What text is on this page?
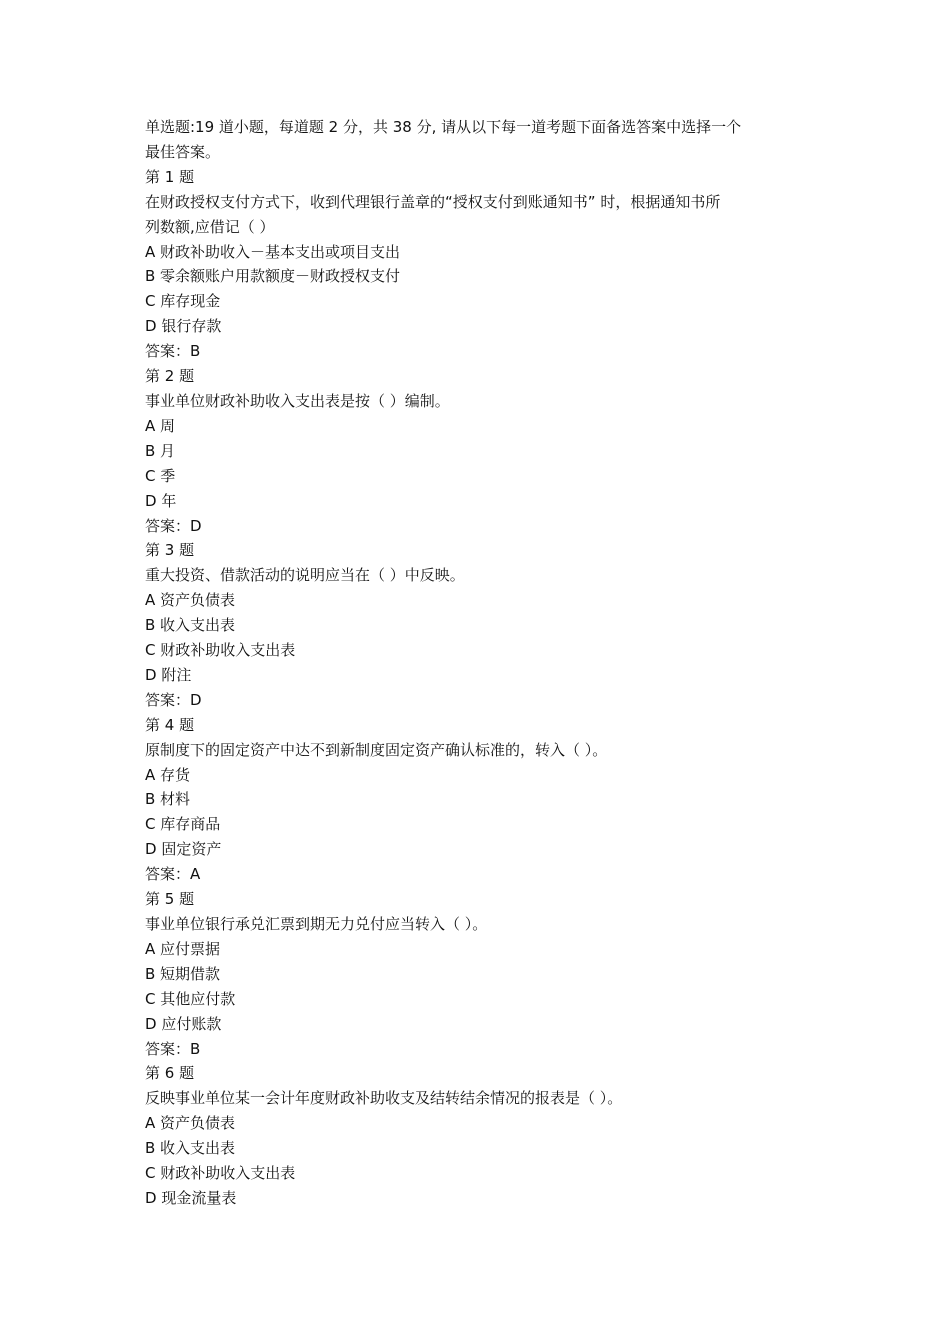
单选题:19 道小题，每道题 2 分，共 38 分, 请从以下每一道考题下面备选答案中选择一个
最佳答案。
第 1 题
在财政授权支付方式下，收到代理银行盖章的“授权支付到账通知书” 时，根据通知书所
列数额,应借记（ ）
A 财政补助收入－基本支出或项目支出
B 零余额账户用款额度－财政授权支付
C 库存现金
D 银行存款
答案：B
第 2 题
事业单位财政补助收入支出表是按（ ）编制。
A 周
B 月
C 季
D 年
答案：D
第 3 题
重大投资、借款活动的说明应当在（ ）中反映。
A 资产负债表
B 收入支出表
C 财政补助收入支出表
D 附注
答案：D
第 4 题
原制度下的固定资产中达不到新制度固定资产确认标准的，转入（ ）。
A 存货
B 材料
C 库存商品
D 固定资产
答案：A
第 5 题
事业单位银行承兑汇票到期无力兑付应当转入（ ）。
A 应付票据
B 短期借款
C 其他应付款
D 应付账款
答案：B
第 6 题
反映事业单位某一会计年度财政补助收支及结转结余情况的报表是（ ）。
A 资产负债表
B 收入支出表
C 财政补助收入支出表
D 现金流量表
